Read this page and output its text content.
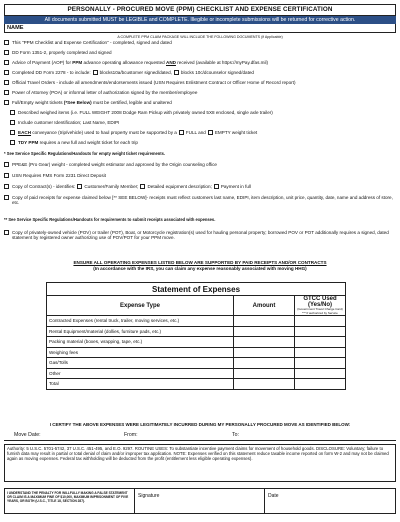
PERSONALLY - PROCURED MOVE (PPM) CHECKLIST AND EXPENSE CERTIFICATION
All documents submitted MUST be LEGIBLE and COMPLETE. Illegible or incomplete submissions will be returned for corrective action.
NAME
A COMPLETE PPM CLAIM PACKAGE WILL INCLUDE THE FOLLOWING DOCUMENTS (if Applicable)
This "PPM Checklist and Expense Certification" - completed, signed and dated
DD Form 1351-2, properly completed and signed
Advice of Payment (AOP) for PPM advance operating allowance requested AND received (available at https://myPay.dfas.mil)
Completed DD Form 2278 - to include: blocks10a/bcustomer signed/dated, blocks 10c/dcounselor signed/dated
Official Travel Orders - include all amendments/endorsements issued (USN Requires Enlistment Contract or Officer Home of Record report)
Power of Attorney (POA) or informal letter of authorization signed by the member/employee
Full/Empty weight tickets (*See Below) must be certified, legible and unaltered
Described weighed items (i.e. FULL WEIGHT 2008 Dodge Ram Pickup with privately owned 5X8 enclosed, single axle trailer)
Include customer Identification; Last Name, EDIPI
EACH conveyance (trip/vehicle) used to haul property must be supported by a FULL and EMPTY weight ticket
TDY PPM requires a new full and weight ticket for each trip
* See Service Specific Regulations/Handouts for empty weight ticket requirements.
PPE&E (Pro Gear) weight - completed weight estimator and approved by the Origin counseling office
USN Requires FMS Form 2231 Direct Deposit
Copy of Contract(s) - identifies: Customer/Family Member; Detailed equipment description; Payment in full
Copy of paid receipts for expense claimed below [** SEE BELOW]- receipts must reflect customers last name, EDIPI, item description, unit price, quantity, date, name and address of store, etc.
** See Service Specific Regulations/Handouts for requirements to submit receipts associated with expenses.
Copy of privately-owned vehicle (POV) or trailer (POT), Boat, or Motorcycle registration(s) used for hauling personal property; borrowed POV or POT additionally requires a signed, dated statement by registered owner authorizing use of POV/POT for your PPM move.
ENSURE ALL OPERATING EXPENSES LISTED BELOW ARE SUPPORTED BY PAID RECEIPTS AND/OR CONTRACTS
(In accordance with the IRS, you can claim any expense reasonably associated with moving HHG)
Statement of Expenses		
Expense Type	Amount	GTCC Used (Yes/No)
(Government Travel Charge Card)
*** If authorized by Service

Contracted Expenses (rental truck, trailer, moving services, etc.)		
Rental Equipment/material (dollies, furniture pads, etc.)		
Packing material (boxes, wrapping, tape, etc.)		
Weighing fees		
Gas/Tolls		
Other		
Total		
I CERTIFY THE ABOVE EXPENSES WERE LEGITIMATELY INCURRED DURING MY PERSONALLY PROCURED MOVE AS IDENTIFIED BELOW:
Move Date:	From:	To:
Authority: 5 U.S.C. 5701-5742, 37 U.S.C. 451-495, and E.O. 9297. ROUTINE USES: To substantiate incentive payment claims for movement of household goods. DISCLOSURE: Voluntary; failure to furnish data may result in partial or total denial of claim and/or improper tax application. NOTE: Expenses verified on this statement reduce taxable income reported on form W-2 and may not be claimed again as moving expenses. Federal tax withholding will be deducted from the profit (entitlement less eligible operating expenses).
I UNDERSTAND THE PENALTY FOR WILLFULLY MAKING A FALSE STATEMENT OR CLAIM IS A MAXIMUM FINE OF $10,000, MAXIMUM IMPRISONMENT OF FIVE YEARS, OR BOTH (U.S.C., TITLE 18, SECTION 287).
Signature	Date
